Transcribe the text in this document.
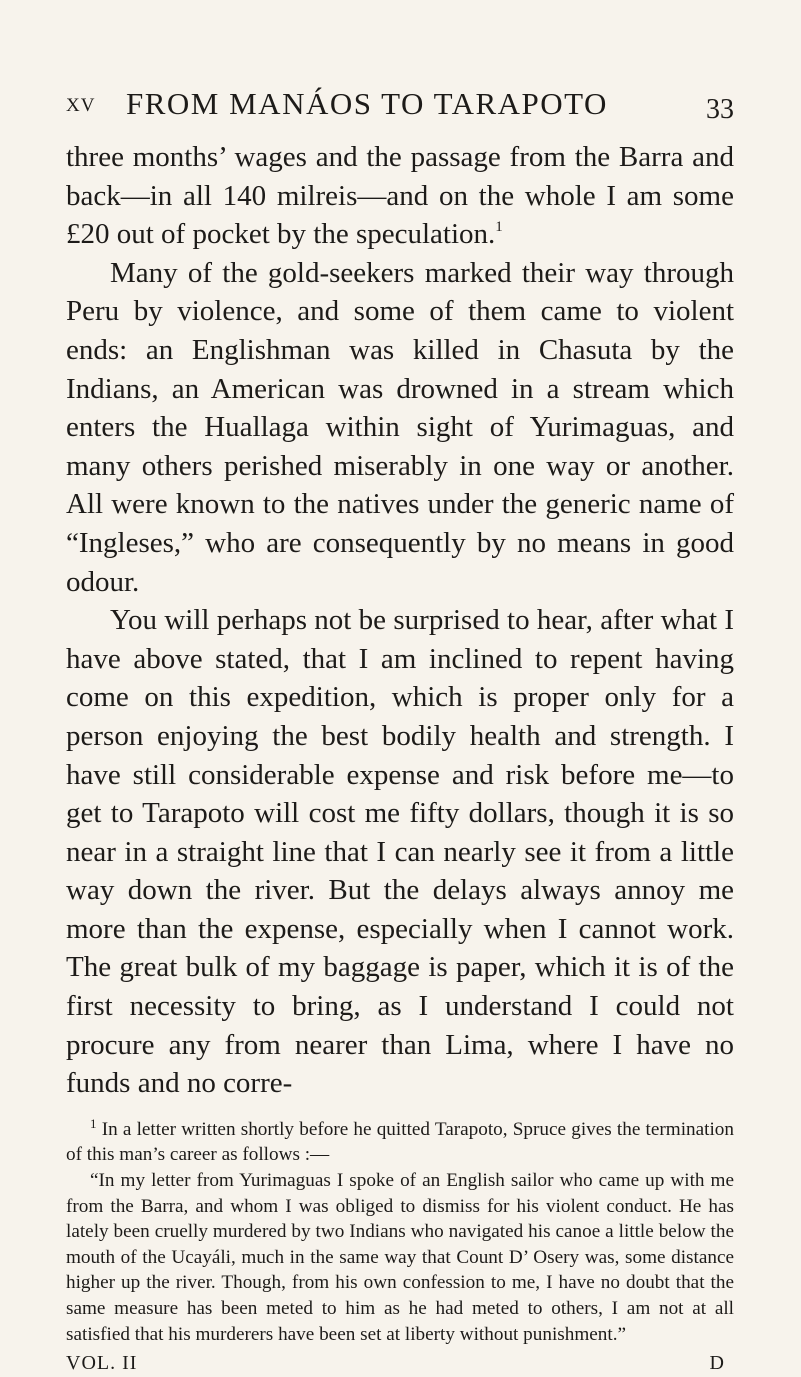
XV FROM MANÁOS TO TARAPOTO	33

three months’ wages and the passage from the Barra and back—in all 140 milreis—and on the whole I am some £20 out of pocket by the speculation.$^1$

Many of the gold-seekers marked their way through Peru by violence, and some of them came to violent ends: an Englishman was killed in Chasuta by the Indians, an American was drowned in a stream which enters the Huallaga within sight of Yurimaguas, and many others perished miserably in one way or another. All were known to the natives under the generic name of “Ingleses,” who are consequently by no means in good odour.

You will perhaps not be surprised to hear, after what I have above stated, that I am inclined to repent having come on this expedition, which is proper only for a person enjoying the best bodily health and strength. I have still considerable expense and risk before me—to get to Tarapoto will cost me fifty dollars, though it is so near in a straight line that I can nearly see it from a little way down the river. But the delays always annoy me more than the expense, especially when I cannot work. The great bulk of my baggage is paper, which it is of the first necessity to bring, as I understand I could not procure any from nearer than Lima, where I have no funds and no corre-

$^1$ In a letter written shortly before he quitted Tarapoto, Spruce gives the termination of this man’s career as follows :—

“In my letter from Yurimaguas I spoke of an English sailor who came up with me from the Barra, and whom I was obliged to dismiss for his violent conduct. He has lately been cruelly murdered by two Indians who navigated his canoe a little below the mouth of the Ucayáli, much in the same way that Count D’ Osery was, some distance higher up the river. Though, from his own confession to me, I have no doubt that the same measure has been meted to him as he had meted to others, I am not at all satisfied that his murderers have been set at liberty without punishment.”

VOL. II	D
